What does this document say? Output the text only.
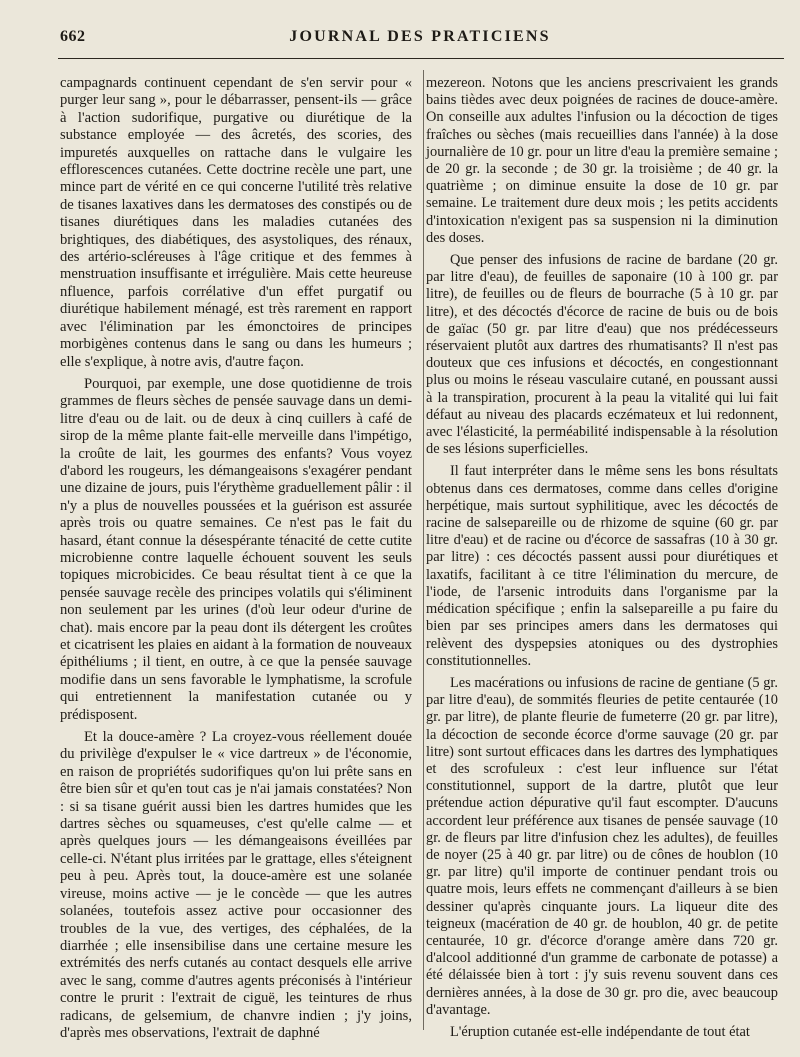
662	JOURNAL DES PRATICIENS

campagnards continuent cependant de s'en servir pour « purger leur sang », pour le débarrasser, pensent-ils — grâce à l'action sudorifique, purgative ou diurétique de la substance employée — des âcretés, des scories, des impuretés auxquelles on rattache dans le vulgaire les efflorescences cutanées. Cette doctrine recèle une part, une mince part de vérité en ce qui concerne l'utilité très relative de tisanes laxatives dans les dermatoses des constipés ou de tisanes diurétiques dans les maladies cutanées des brightiques, des diabétiques, des asystoliques, des rénaux, des artério-scléreuses à l'âge critique et des femmes à menstruation insuffisante et irrégulière. Mais cette heureuse nfluence, parfois corrélative d'un effet purgatif ou diurétique habilement ménagé, est très rarement en rapport avec l'élimination par les émonctoires de principes morbigènes contenus dans le sang ou dans les humeurs ; elle s'explique, à notre avis, d'autre façon.

Pourquoi, par exemple, une dose quotidienne de trois grammes de fleurs sèches de pensée sauvage dans un demi-litre d'eau ou de lait. ou de deux à cinq cuillers à café de sirop de la même plante fait-elle merveille dans l'impétigo, la croûte de lait, les gourmes des enfants? Vous voyez d'abord les rougeurs, les démangeaisons s'exagérer pendant une dizaine de jours, puis l'érythème graduellement pâlir : il n'y a plus de nouvelles poussées et la guérison est assurée après trois ou quatre semaines. Ce n'est pas le fait du hasard, étant connue la désespérante ténacité de cette cutite microbienne contre laquelle échouent souvent les seuls topiques microbicides. Ce beau résultat tient à ce que la pensée sauvage recèle des principes volatils qui s'éliminent non seulement par les urines (d'où leur odeur d'urine de chat). mais encore par la peau dont ils détergent les croûtes et cicatrisent les plaies en aidant à la formation de nouveaux épithéliums ; il tient, en outre, à ce que la pensée sauvage modifie dans un sens favorable le lymphatisme, la scrofule qui entretiennent la manifestation cutanée ou y prédisposent.

Et la douce-amère ? La croyez-vous réellement douée du privilège d'expulser le « vice dartreux » de l'économie, en raison de propriétés sudorifiques qu'on lui prête sans en être bien sûr et qu'en tout cas je n'ai jamais constatées? Non : si sa tisane guérit aussi bien les dartres humides que les dartres sèches ou squameuses, c'est qu'elle calme — et après quelques jours — les démangeaisons éveillées par celle-ci. N'étant plus irritées par le grattage, elles s'éteignent peu à peu. Après tout, la douce-amère est une solanée vireuse, moins active — je le concède — que les autres solanées, toutefois assez active pour occasionner des troubles de la vue, des vertiges, des céphalées, de la diarrhée ; elle insensibilise dans une certaine mesure les extrémités des nerfs cutanés au contact desquels elle arrive avec le sang, comme d'autres agents préconisés à l'intérieur contre le prurit : l'extrait de ciguë, les teintures de rhus radicans, de gelsemium, de chanvre indien ; j'y joins, d'après mes observations, l'extrait de daphné

mezereon. Notons que les anciens prescrivaient les grands bains tièdes avec deux poignées de racines de douce-amère. On conseille aux adultes l'infusion ou la décoction de tiges fraîches ou sèches (mais recueillies dans l'année) à la dose journalière de 10 gr. pour un litre d'eau la première semaine ; de 20 gr. la seconde ; de 30 gr. la troisième ; de 40 gr. la quatrième ; on diminue ensuite la dose de 10 gr. par semaine. Le traitement dure deux mois ; les petits accidents d'intoxication n'exigent pas sa suspension ni la diminution des doses.

Que penser des infusions de racine de bardane (20 gr. par litre d'eau), de feuilles de saponaire (10 à 100 gr. par litre), de feuilles ou de fleurs de bourrache (5 à 10 gr. par litre), et des décoctés d'écorce de racine de buis ou de bois de gaïac (50 gr. par litre d'eau) que nos prédécesseurs réservaient plutôt aux dartres des rhumatisants? Il n'est pas douteux que ces infusions et décoctés, en congestionnant plus ou moins le réseau vasculaire cutané, en poussant aussi à la transpiration, procurent à la peau la vitalité qui lui fait défaut au niveau des placards eczémateux et lui redonnent, avec l'élasticité, la perméabilité indispensable à la résolution de ses lésions superficielles.

Il faut interpréter dans le même sens les bons résultats obtenus dans ces dermatoses, comme dans celles d'origine herpétique, mais surtout syphilitique, avec les décoctés de racine de salsepareille ou de rhizome de squine (60 gr. par litre d'eau) et de racine ou d'écorce de sassafras (10 à 30 gr. par litre) : ces décoctés passent aussi pour diurétiques et laxatifs, facilitant à ce titre l'élimination du mercure, de l'iode, de l'arsenic introduits dans l'organisme par la médication spécifique ; enfin la salsepareille a pu faire du bien par ses principes amers dans les dermatoses qui relèvent des dyspepsies atoniques ou des dystrophies constitutionnelles.

Les macérations ou infusions de racine de gentiane (5 gr. par litre d'eau), de sommités fleuries de petite centaurée (10 gr. par litre), de plante fleurie de fumeterre (20 gr. par litre), la décoction de seconde écorce d'orme sauvage (20 gr. par litre) sont surtout efficaces dans les dartres des lymphatiques et des scrofuleux : c'est leur influence sur l'état constitutionnel, support de la dartre, plutôt que leur prétendue action dépurative qu'il faut escompter. D'aucuns accordent leur préférence aux tisanes de pensée sauvage (10 gr. de fleurs par litre d'infusion chez les adultes), de feuilles de noyer (25 à 40 gr. par litre) ou de cônes de houblon (10 gr. par litre) qu'il importe de continuer pendant trois ou quatre mois, leurs effets ne commençant d'ailleurs à se bien dessiner qu'après cinquante jours. La liqueur dite des teigneux (macération de 40 gr. de houblon, 40 gr. de petite centaurée, 10 gr. d'écorce d'orange amère dans 720 gr. d'alcool additionné d'un gramme de carbonate de potasse) a été délaissée bien à tort : j'y suis revenu souvent dans ces dernières années, à la dose de 30 gr. pro die, avec beaucoup d'avantage.

L'éruption cutanée est-elle indépendante de tout état
